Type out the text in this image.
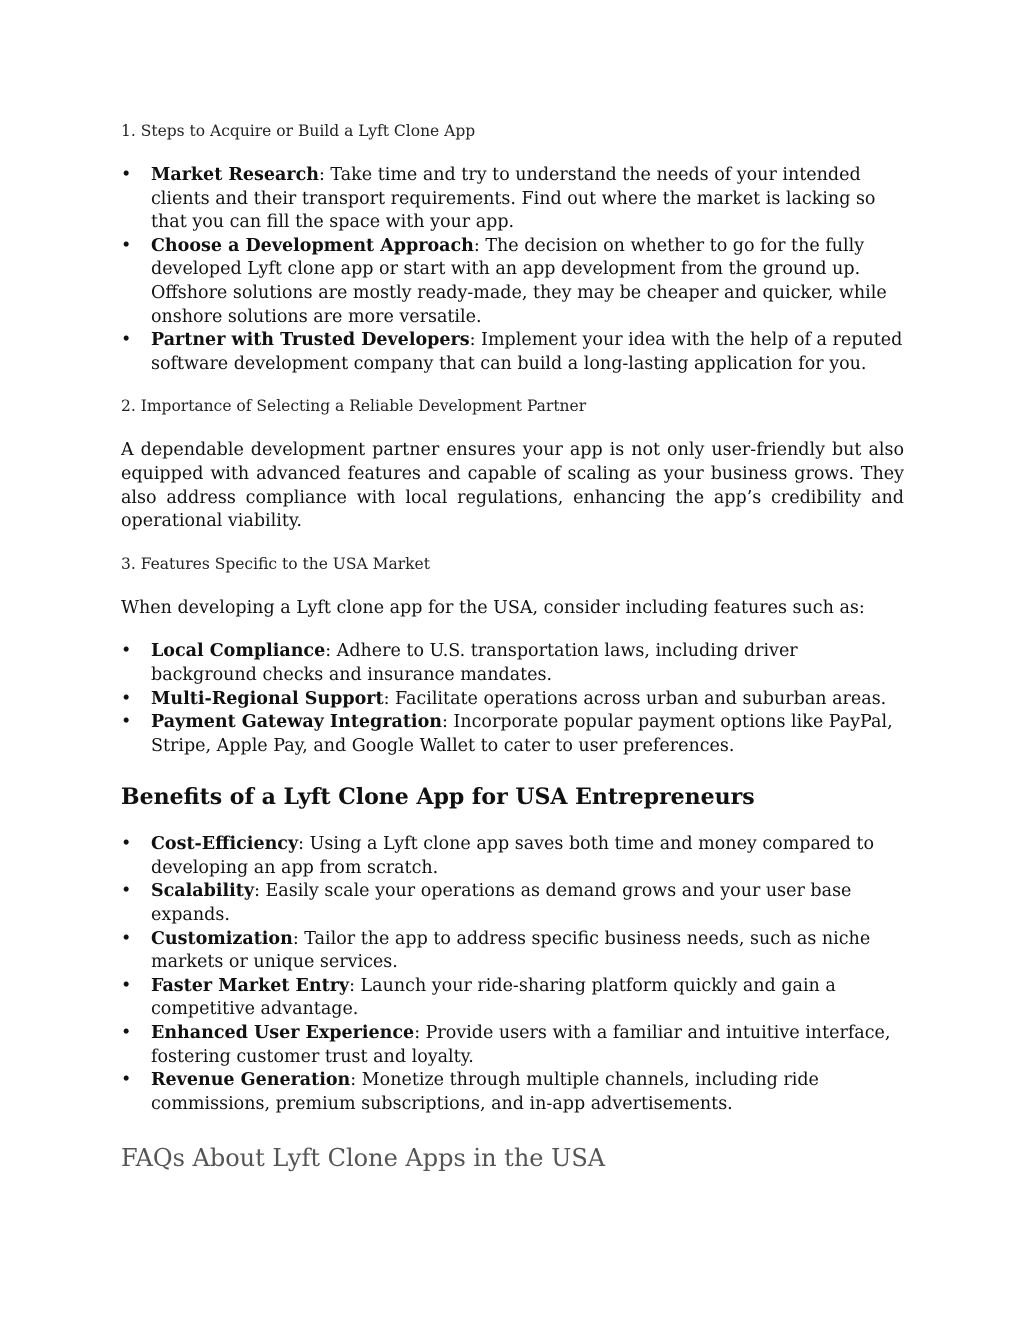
1. Steps to Acquire or Build a Lyft Clone App

• Market Research: Take time and try to understand the needs of your intended clients and their transport requirements. Find out where the market is lacking so that you can fill the space with your app.
• Choose a Development Approach: The decision on whether to go for the fully developed Lyft clone app or start with an app development from the ground up. Offshore solutions are mostly ready-made, they may be cheaper and quicker, while onshore solutions are more versatile.
• Partner with Trusted Developers: Implement your idea with the help of a reputed software development company that can build a long-lasting application for you.

2. Importance of Selecting a Reliable Development Partner

A dependable development partner ensures your app is not only user-friendly but also equipped with advanced features and capable of scaling as your business grows. They also address compliance with local regulations, enhancing the app’s credibility and operational viability.

3. Features Specific to the USA Market

When developing a Lyft clone app for the USA, consider including features such as:

• Local Compliance: Adhere to U.S. transportation laws, including driver background checks and insurance mandates.
• Multi-Regional Support: Facilitate operations across urban and suburban areas.
• Payment Gateway Integration: Incorporate popular payment options like PayPal, Stripe, Apple Pay, and Google Wallet to cater to user preferences.
Benefits of a Lyft Clone App for USA Entrepreneurs
• Cost-Efficiency: Using a Lyft clone app saves both time and money compared to developing an app from scratch.
• Scalability: Easily scale your operations as demand grows and your user base expands.
• Customization: Tailor the app to address specific business needs, such as niche markets or unique services.
• Faster Market Entry: Launch your ride-sharing platform quickly and gain a competitive advantage.
• Enhanced User Experience: Provide users with a familiar and intuitive interface, fostering customer trust and loyalty.
• Revenue Generation: Monetize through multiple channels, including ride commissions, premium subscriptions, and in-app advertisements.
FAQs About Lyft Clone Apps in the USA
